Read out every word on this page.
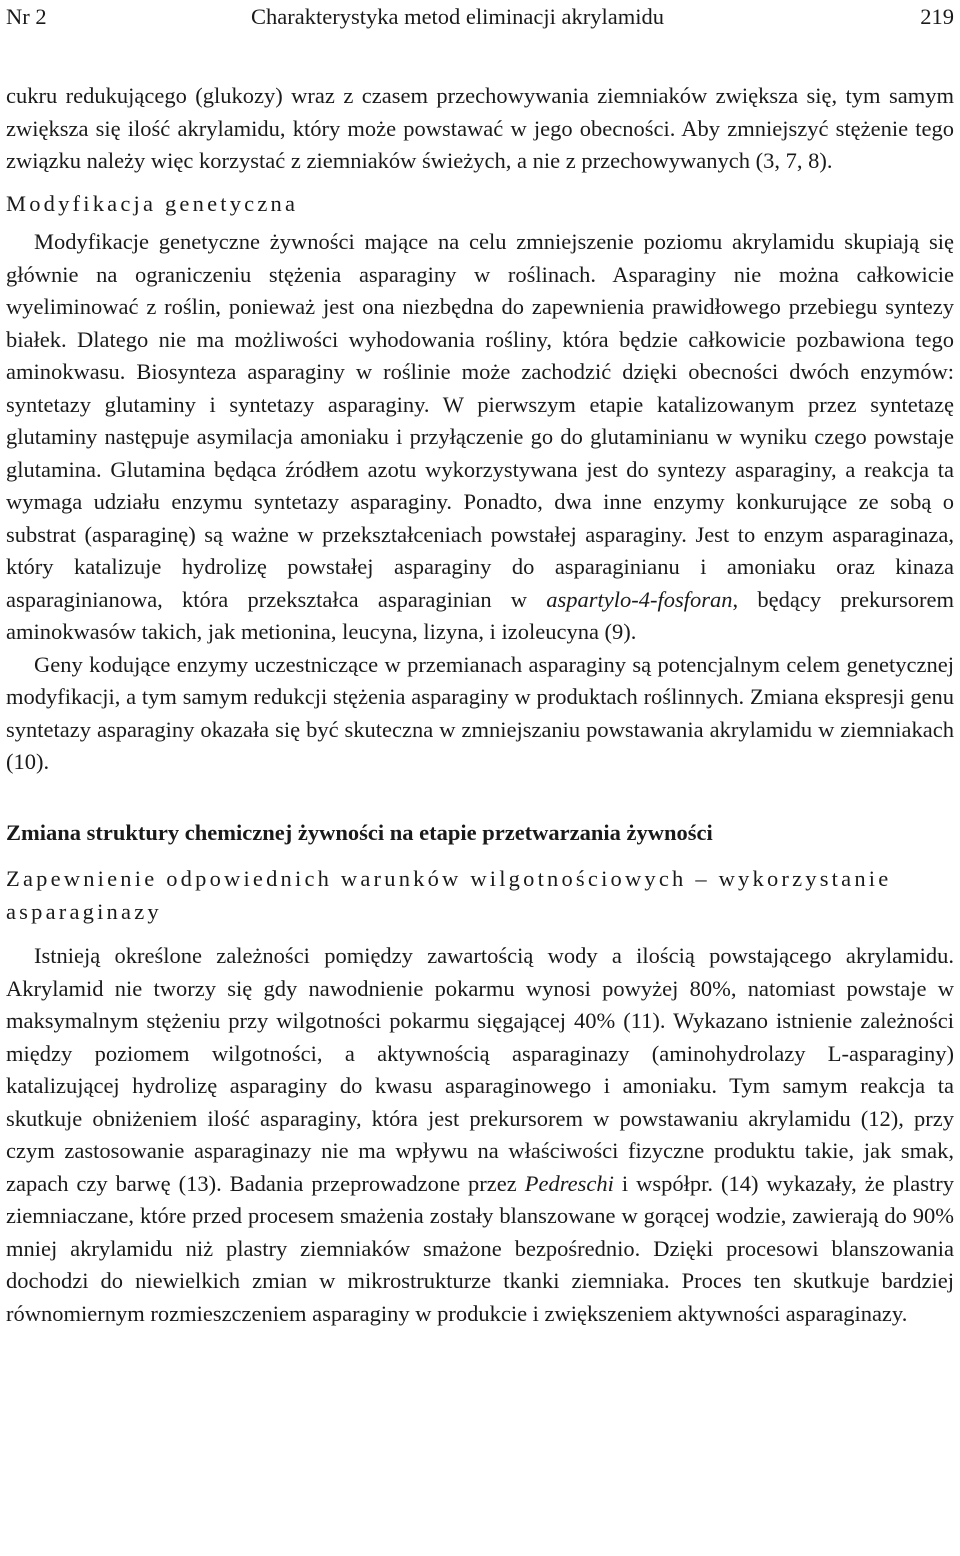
Nr 2	Charakterystyka metod eliminacji akrylamidu	219

cukru redukującego (glukozy) wraz z czasem przechowywania ziemniaków zwiększa się, tym samym zwiększa się ilość akrylamidu, który może powstawać w jego obecności. Aby zmniejszyć stężenie tego związku należy więc korzystać z ziemniaków świeżych, a nie z przechowywanych (3, 7, 8).

Modyfikacja genetyczna

Modyfikacje genetyczne żywności mające na celu zmniejszenie poziomu akrylamidu skupiają się głównie na ograniczeniu stężenia asparaginy w roślinach. Asparaginy nie można całkowicie wyeliminować z roślin, ponieważ jest ona niezbędna do zapewnienia prawidłowego przebiegu syntezy białek. Dlatego nie ma możliwości wyhodowania rośliny, która będzie całkowicie pozbawiona tego aminokwasu. Biosynteza asparaginy w roślinie może zachodzić dzięki obecności dwóch enzymów: syntetazy glutaminy i syntetazy asparaginy. W pierwszym etapie katalizowanym przez syntetazę glutaminy następuje asymilacja amoniaku i przyłączenie go do glutaminianu w wyniku czego powstaje glutamina. Glutamina będąca źródłem azotu wykorzystywana jest do syntezy asparaginy, a reakcja ta wymaga udziału enzymu syntetazy asparaginy. Ponadto, dwa inne enzymy konkurujące ze sobą o substrat (asparaginę) są ważne w przekształceniach powstałej asparaginy. Jest to enzym asparaginaza, który katalizuje hydrolizę powstałej asparaginy do asparaginianu i amoniaku oraz kinaza asparaginianowa, która przekształca asparaginian w aspartylo-4-fosforan, będący prekursorem aminokwasów takich, jak metionina, leucyna, lizyna, i izoleucyna (9).

Geny kodujące enzymy uczestniczące w przemianach asparaginy są potencjalnym celem genetycznej modyfikacji, a tym samym redukcji stężenia asparaginy w produktach roślinnych. Zmiana ekspresji genu syntetazy asparaginy okazała się być skuteczna w zmniejszaniu powstawania akrylamidu w ziemniakach (10).

Zmiana struktury chemicznej żywności na etapie przetwarzania żywności
Zapewnienie odpowiednich warunków wilgotnościowych – wykorzystanie asparaginazy

Istnieją określone zależności pomiędzy zawartością wody a ilością powstającego akrylamidu. Akrylamid nie tworzy się gdy nawodnienie pokarmu wynosi powyżej 80%, natomiast powstaje w maksymalnym stężeniu przy wilgotności pokarmu sięgającej 40% (11). Wykazano istnienie zależności między poziomem wilgotności, a aktywnością asparaginazy (aminohydrolazy L-asparaginy) katalizującej hydrolizę asparaginy do kwasu asparaginowego i amoniaku. Tym samym reakcja ta skutkuje obniżeniem ilość asparaginy, która jest prekursorem w powstawaniu akrylamidu (12), przy czym zastosowanie asparaginazy nie ma wpływu na właściwości fizyczne produktu takie, jak smak, zapach czy barwę (13). Badania przeprowadzone przez Pedreschi i współpr. (14) wykazały, że plastry ziemniaczane, które przed procesem smażenia zostały blanszowane w gorącej wodzie, zawierają do 90% mniej akrylamidu niż plastry ziemniaków smażone bezpośrednio. Dzięki procesowi blanszowania dochodzi do niewielkich zmian w mikrostrukturze tkanki ziemniaka. Proces ten skutkuje bardziej równomiernym rozmieszczeniem asparaginy w produkcie i zwiększeniem aktywności asparaginazy.
